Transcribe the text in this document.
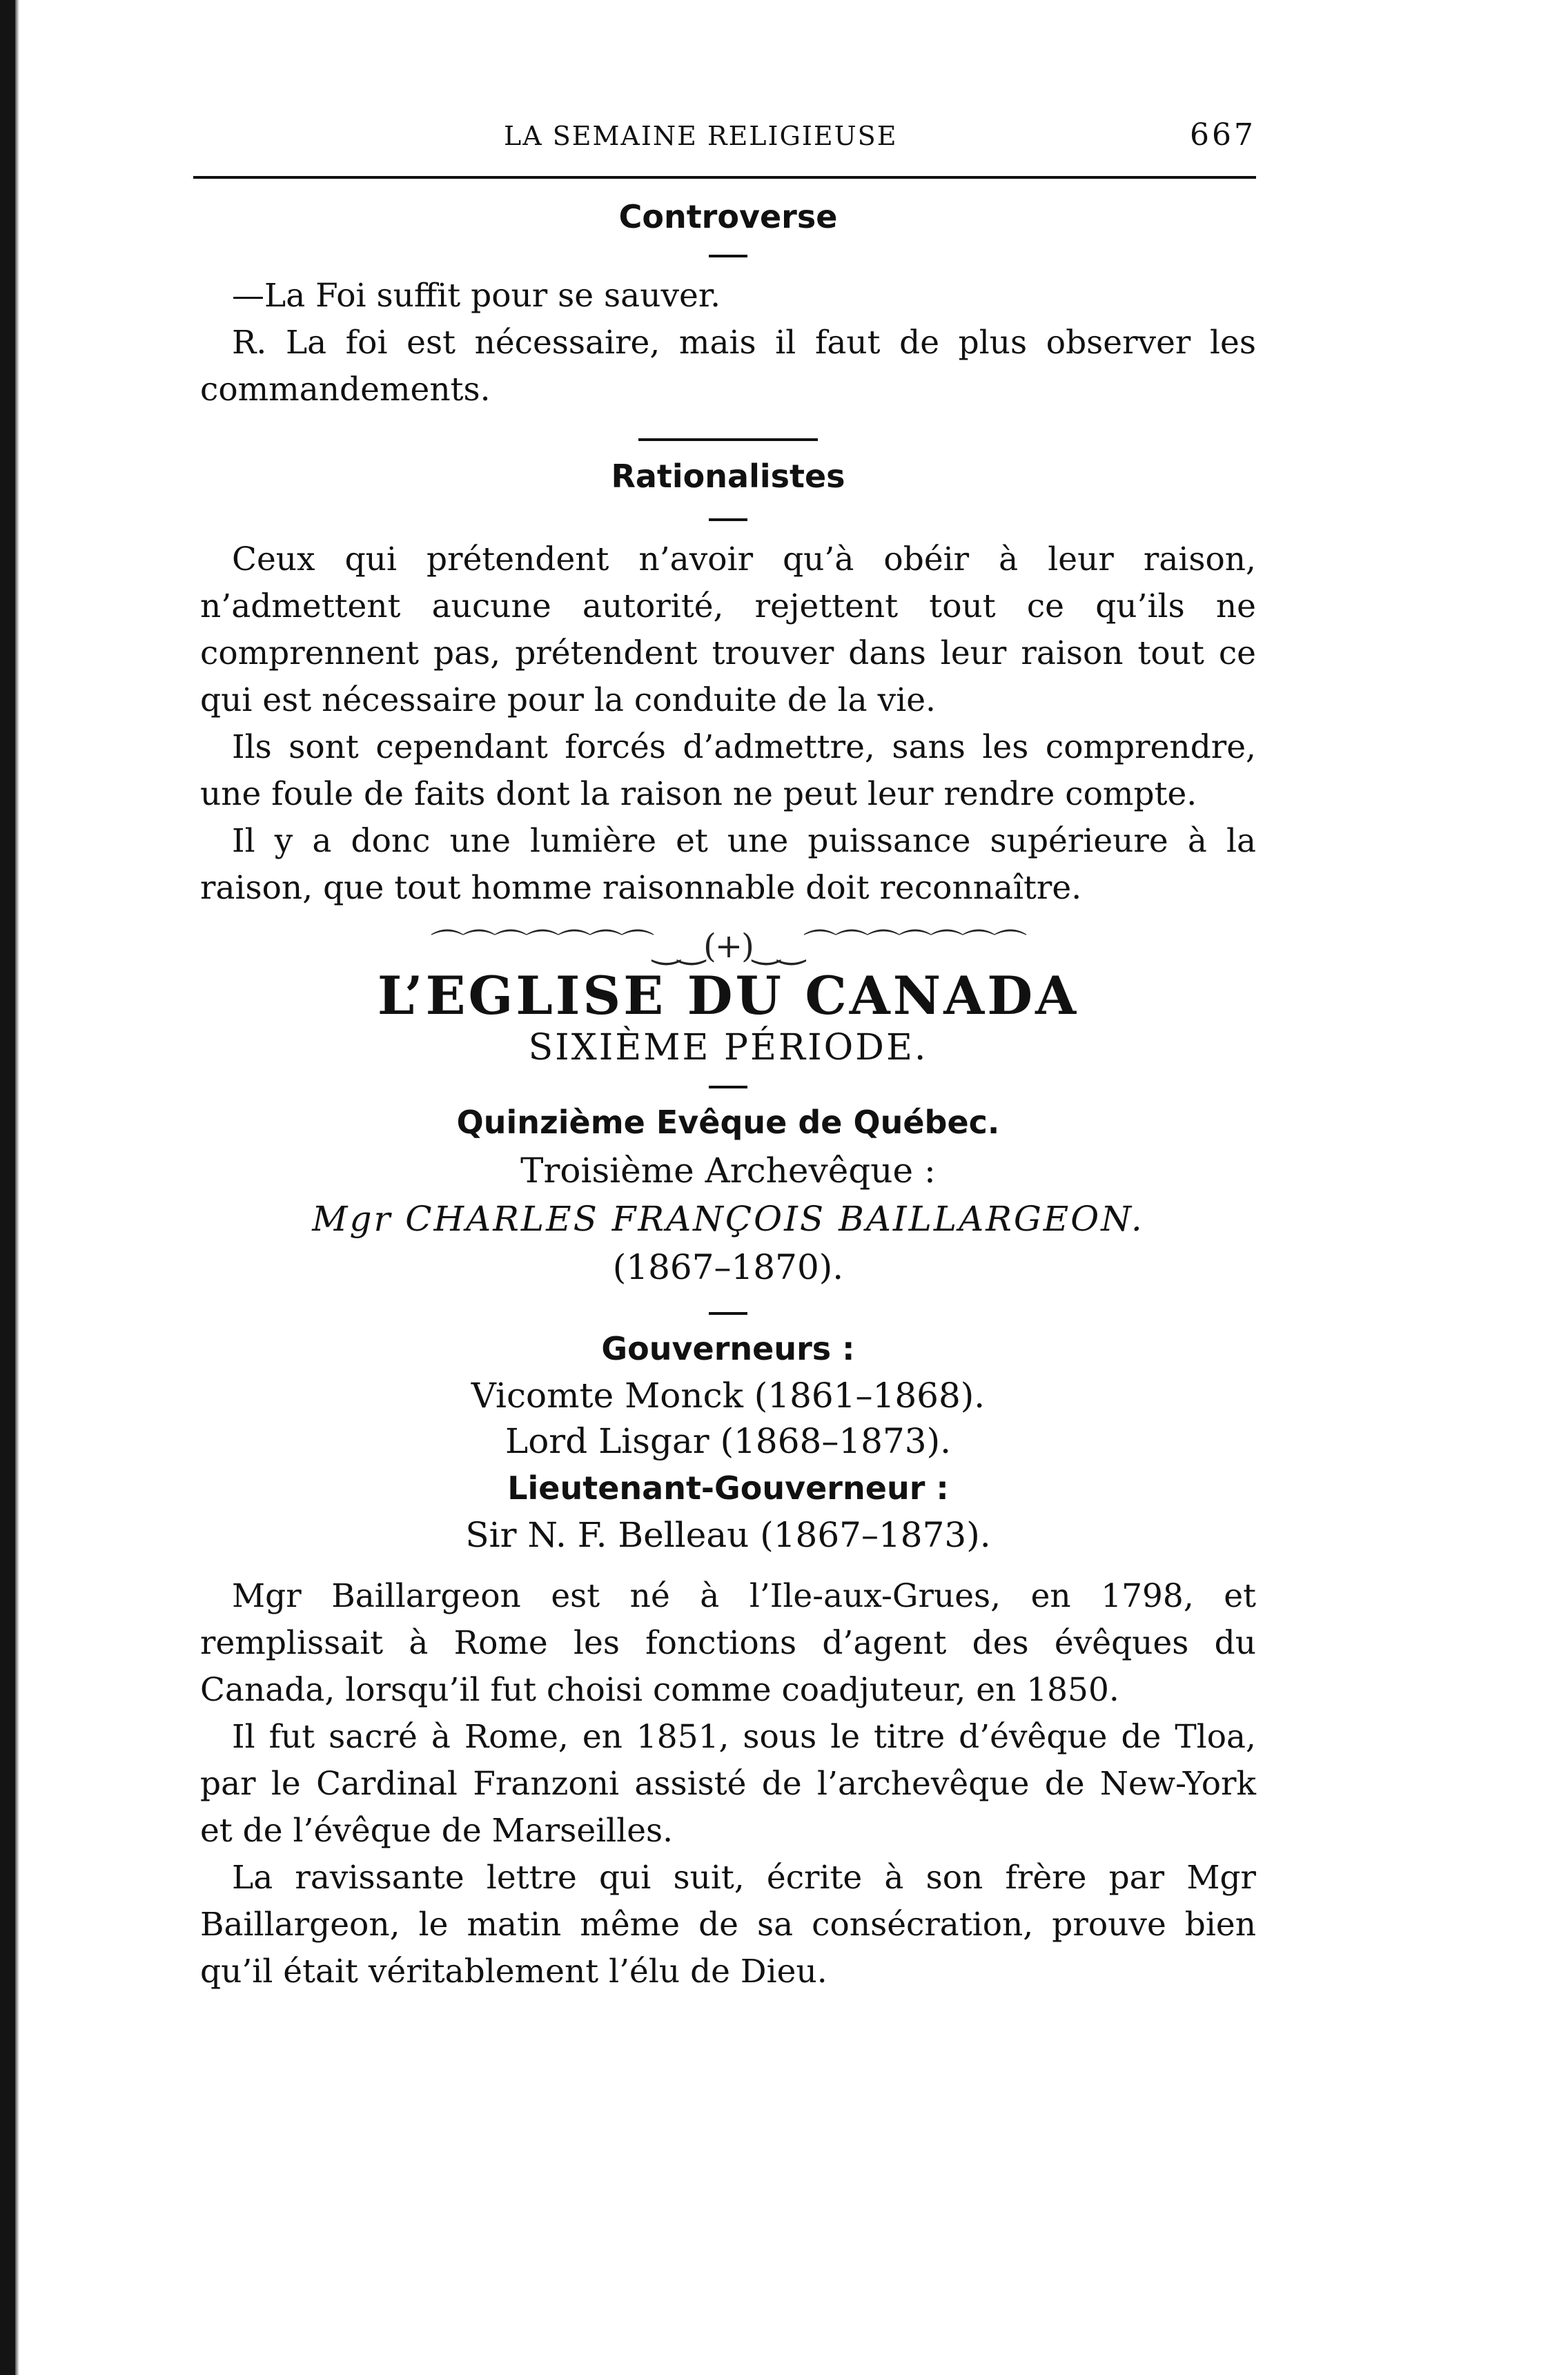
LA SEMAINE RELIGIEUSE	667
Controverse

—La Foi suffit pour se sauver.

R. La foi est nécessaire, mais il faut de plus observer les commandements.

Rationalistes

Ceux qui prétendent n’avoir qu’à obéir à leur raison, n’admettent aucune autorité, rejettent tout ce qu’ils ne comprennent pas, prétendent trouver dans leur raison tout ce qui est nécessaire pour la conduite de la vie.

Ils sont cependant forcés d’admettre, sans les comprendre, une foule de faits dont la raison ne peut leur rendre compte.

Il y a donc une lumière et une puissance supérieure à la raison, que tout homme raisonnable doit reconnaître.

⌒⌒⌒⌒⌒⌒⌒‿‿(+)‿‿⌒⌒⌒⌒⌒⌒⌒
L’EGLISE DU CANADA
SIXIÈME PÉRIODE.
Quinzième Evêque de Québec.
Troisième Archevêque :
Mgr CHARLES FRANÇOIS BAILLARGEON.
(1867–1870).
Gouverneurs :
Vicomte Monck (1861–1868).
Lord Lisgar (1868–1873).
Lieutenant-Gouverneur :
Sir N. F. Belleau (1867–1873).

Mgr Baillargeon est né à l’Ile-aux-Grues, en 1798, et remplissait à Rome les fonctions d’agent des évêques du Canada, lorsqu’il fut choisi comme coadjuteur, en 1850.

Il fut sacré à Rome, en 1851, sous le titre d’évêque de Tloa, par le Cardinal Franzoni assisté de l’archevêque de New-York et de l’évêque de Marseilles.

La ravissante lettre qui suit, écrite à son frère par Mgr Baillargeon, le matin même de sa consécration, prouve bien qu’il était véritablement l’élu de Dieu.
